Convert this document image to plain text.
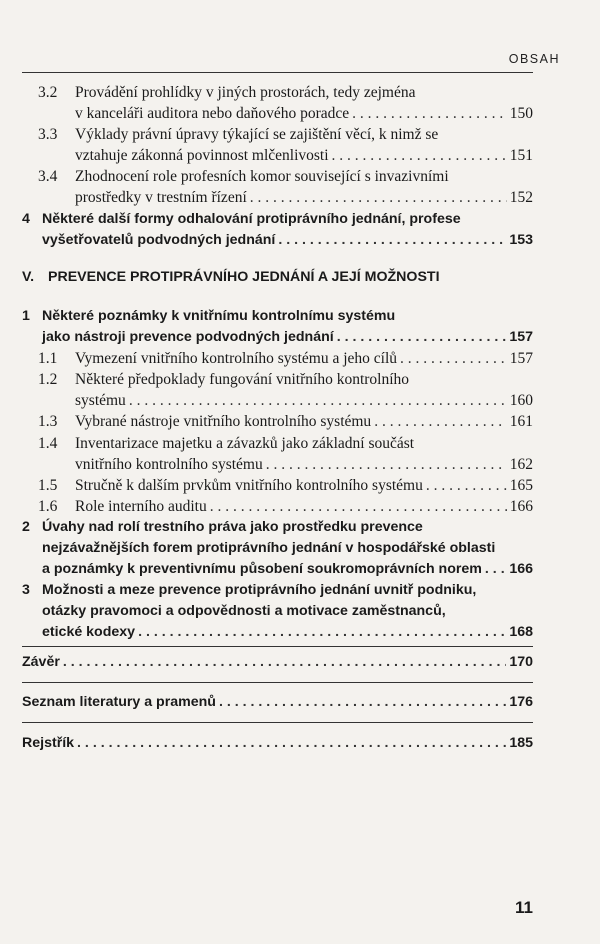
OBSAH
3.2 Provádění prohlídky v jiných prostorách, tedy zejména
v kanceláři auditora nebo daňového poradce . . .	150
3.3 Výklady právní úpravy týkající se zajištění věcí, k nimž se
vztahuje zákonná povinnost mlčenlivosti . . .	151
3.4 Zhodnocení role profesních komor související s invazivními
prostředky v trestním řízení . . .	152
4 Některé další formy odhalování protiprávního jednání, profese
vyšetřovatelů podvodných jednání . . .	153
V. PREVENCE PROTIPRÁVNÍHO JEDNÁNÍ A JEJÍ MOŽNOSTI
1 Některé poznámky k vnitřnímu kontrolnímu systému
jako nástroji prevence podvodných jednání . . .	157
1.1 Vymezení vnitřního kontrolního systému a jeho cílů . . .	157
1.2 Některé předpoklady fungování vnitřního kontrolního
systému . . .	160
1.3 Vybrané nástroje vnitřního kontrolního systému . . .	161
1.4 Inventarizace majetku a závazků jako základní součást
vnitřního kontrolního systému . . .	162
1.5 Stručně k dalším prvkům vnitřního kontrolního systému . . .	165
1.6 Role interního auditu . . .	166
2 Úvahy nad rolí trestního práva jako prostředku prevence
nejzávažnějších forem protiprávního jednání v hospodářské oblasti
a poznámky k preventivnímu působení soukromoprávních norem . . . 166
3 Možnosti a meze prevence protiprávního jednání uvnitř podniku,
otázky pravomoci a odpovědnosti a motivace zaměstnanců,
etické kodexy . . .	168
Závěr . . .	170
Seznam literatury a pramenů . . .	176
Rejstřík . . .	185
11
